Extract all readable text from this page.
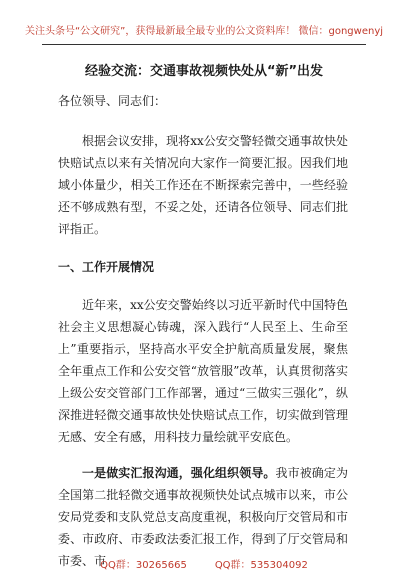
关注头条号“公文研究”，获得最新最全最专业的公文资料库！ 微信：gongwenyj
经验交流：交通事故视频快处从“新”出发

各位领导、同志们：

根据会议安排，现将xx公安交警轻微交通事故快处快赔试点以来有关情况向大家作一简要汇报。因我们地域小体量少，相关工作还在不断探索完善中，一些经验还不够成熟有型，不妥之处，还请各位领导、同志们批评指正。

一、工作开展情况

近年来，xx公安交警始终以习近平新时代中国特色社会主义思想凝心铸魂，深入践行“人民至上、生命至上”重要指示，坚持高水平安全护航高质量发展，聚焦全年重点工作和公安交管“放管服”改革，认真贯彻落实上级公安交管部门工作部署，通过“三做实三强化”，纵深推进轻微交通事故快处快赔试点工作，切实做到管理无感、安全有感，用科技力量绘就平安底色。

一是做实汇报沟通，强化组织领导。我市被确定为全国第二批轻微交通事故视频快处试点城市以来，市公安局党委和支队党总支高度重视，积极向厅交管局和市委、市政府、市委政法委汇报工作，得到了厅交管局和市委、市

QQ群：30265665	QQ群：535304092
